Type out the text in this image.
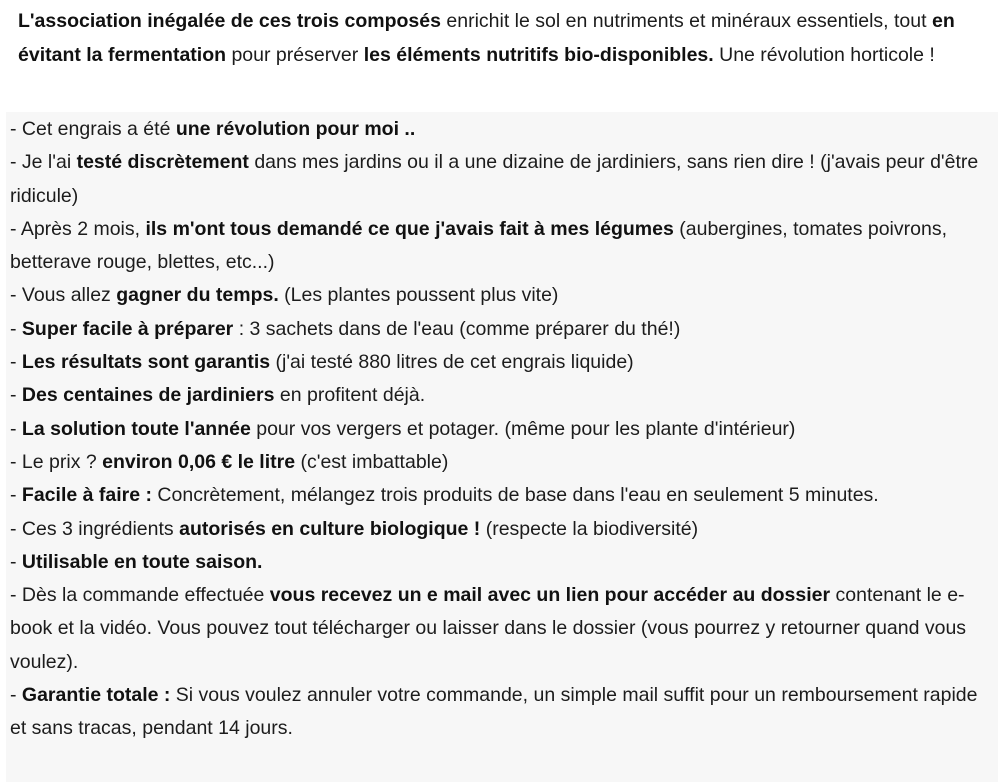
L'association inégalée de ces trois composés enrichit le sol en nutriments et minéraux essentiels, tout en évitant la fermentation pour préserver les éléments nutritifs bio-disponibles. Une révolution horticole !

- Cet engrais a été une révolution pour moi ..

- Je l'ai testé discrètement dans mes jardins ou il a une dizaine de jardiniers, sans rien dire ! (j'avais peur d'être ridicule)

- Après 2 mois, ils m'ont tous demandé ce que j'avais fait à mes légumes (aubergines, tomates poivrons, betterave rouge, blettes, etc...)

- Vous allez gagner du temps. (Les plantes poussent plus vite)

- Super facile à préparer : 3 sachets dans de l'eau (comme préparer du thé!)

- Les résultats sont garantis (j'ai testé 880 litres de cet engrais liquide)

- Des centaines de jardiniers en profitent déjà.

- La solution toute l'année pour vos vergers et potager. (même pour les plante d'intérieur)

- Le prix ? environ 0,06 € le litre (c'est imbattable)

- Facile à faire : Concrètement, mélangez trois produits de base dans l'eau en seulement 5 minutes.

- Ces 3 ingrédients autorisés en culture biologique ! (respecte la biodiversité)

- Utilisable en toute saison.

- Dès la commande effectuée vous recevez un e mail avec un lien pour accéder au dossier contenant le e-book et la vidéo. Vous pouvez tout télécharger ou laisser dans le dossier (vous pourrez y retourner quand vous voulez).

- Garantie totale : Si vous voulez annuler votre commande, un simple mail suffit pour un remboursement rapide et sans tracas, pendant 14 jours.
